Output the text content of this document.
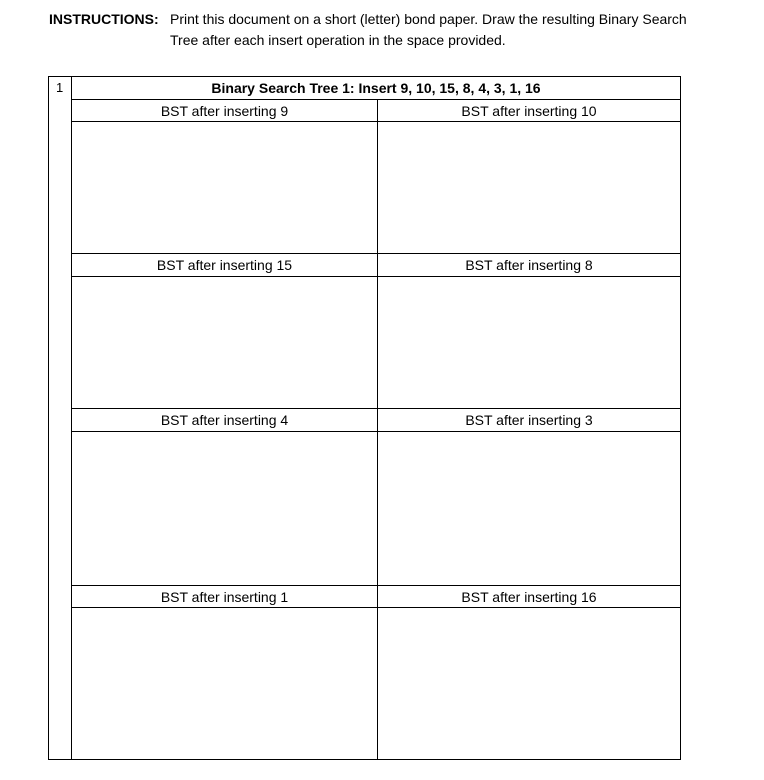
INSTRUCTIONS: Print this document on a short (letter) bond paper. Draw the resulting Binary Search Tree after each insert operation in the space provided.
1	Binary Search Tree 1: Insert 9, 10, 15, 8, 4, 3, 1, 16
BST after inserting 9	BST after inserting 10
BST after inserting 15	BST after inserting 8
BST after inserting 4	BST after inserting 3
BST after inserting 1	BST after inserting 16
